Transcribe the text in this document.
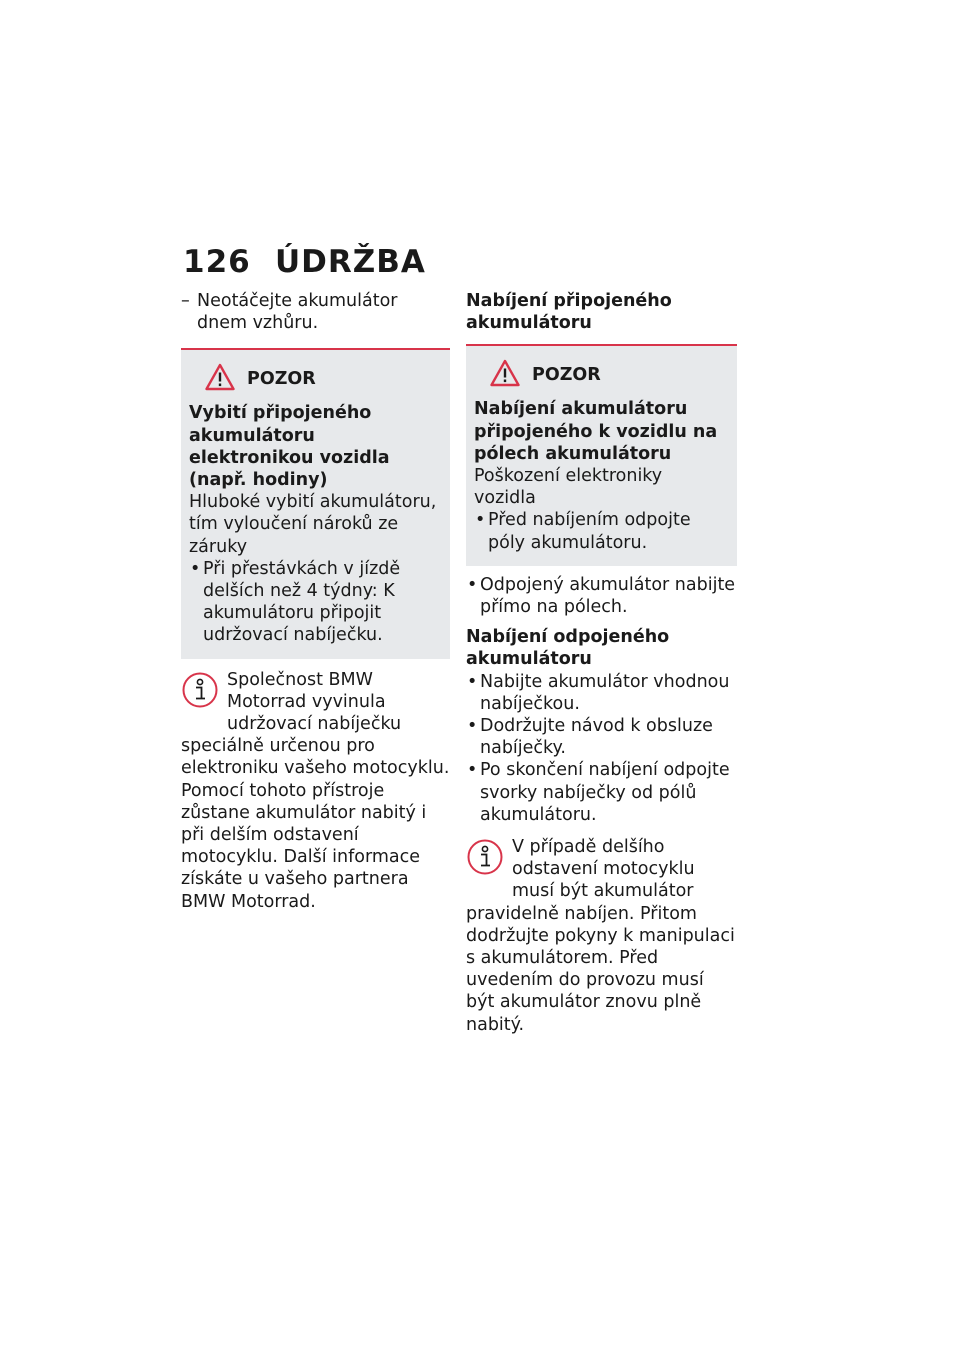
126 ÚDRŽBA

– Neotáčejte akumulátor dnem vzhůru.

POZOR
Vybití připojeného akumulátoru elektronikou vozidla (např. hodiny)
Hluboké vybití akumulátoru, tím vyloučení nároků ze záruky
• Při přestávkách v jízdě delších než 4 týdny: K akumulátoru připojit udržovací nabíječku.
Společnost BMW Motorrad vyvinula udržovací nabíječku speciálně určenou pro elektroniku vašeho motocyklu. Pomocí tohoto přístroje zůstane akumulátor nabitý i při delším odstavení motocyklu. Další informace získáte u vašeho partnera BMW Motorrad.

Nabíjení připojeného akumulátoru

POZOR
Nabíjení akumulátoru připojeného k vozidlu na pólech akumulátoru
Poškození elektroniky vozidla
• Před nabíjením odpojte póly akumulátoru.
• Odpojený akumulátor nabijte přímo na pólech.

Nabíjení odpojeného akumulátoru

• Nabijte akumulátor vhodnou nabíječkou.
• Dodržujte návod k obsluze nabíječky.
• Po skončení nabíjení odpojte svorky nabíječky od pólů akumulátoru.
V případě delšího odstavení motocyklu musí být akumulátor pravidelně nabíjen. Přitom dodržujte pokyny k manipulaci s akumulátorem. Před uvedením do provozu musí být akumulátor znovu plně nabitý.
